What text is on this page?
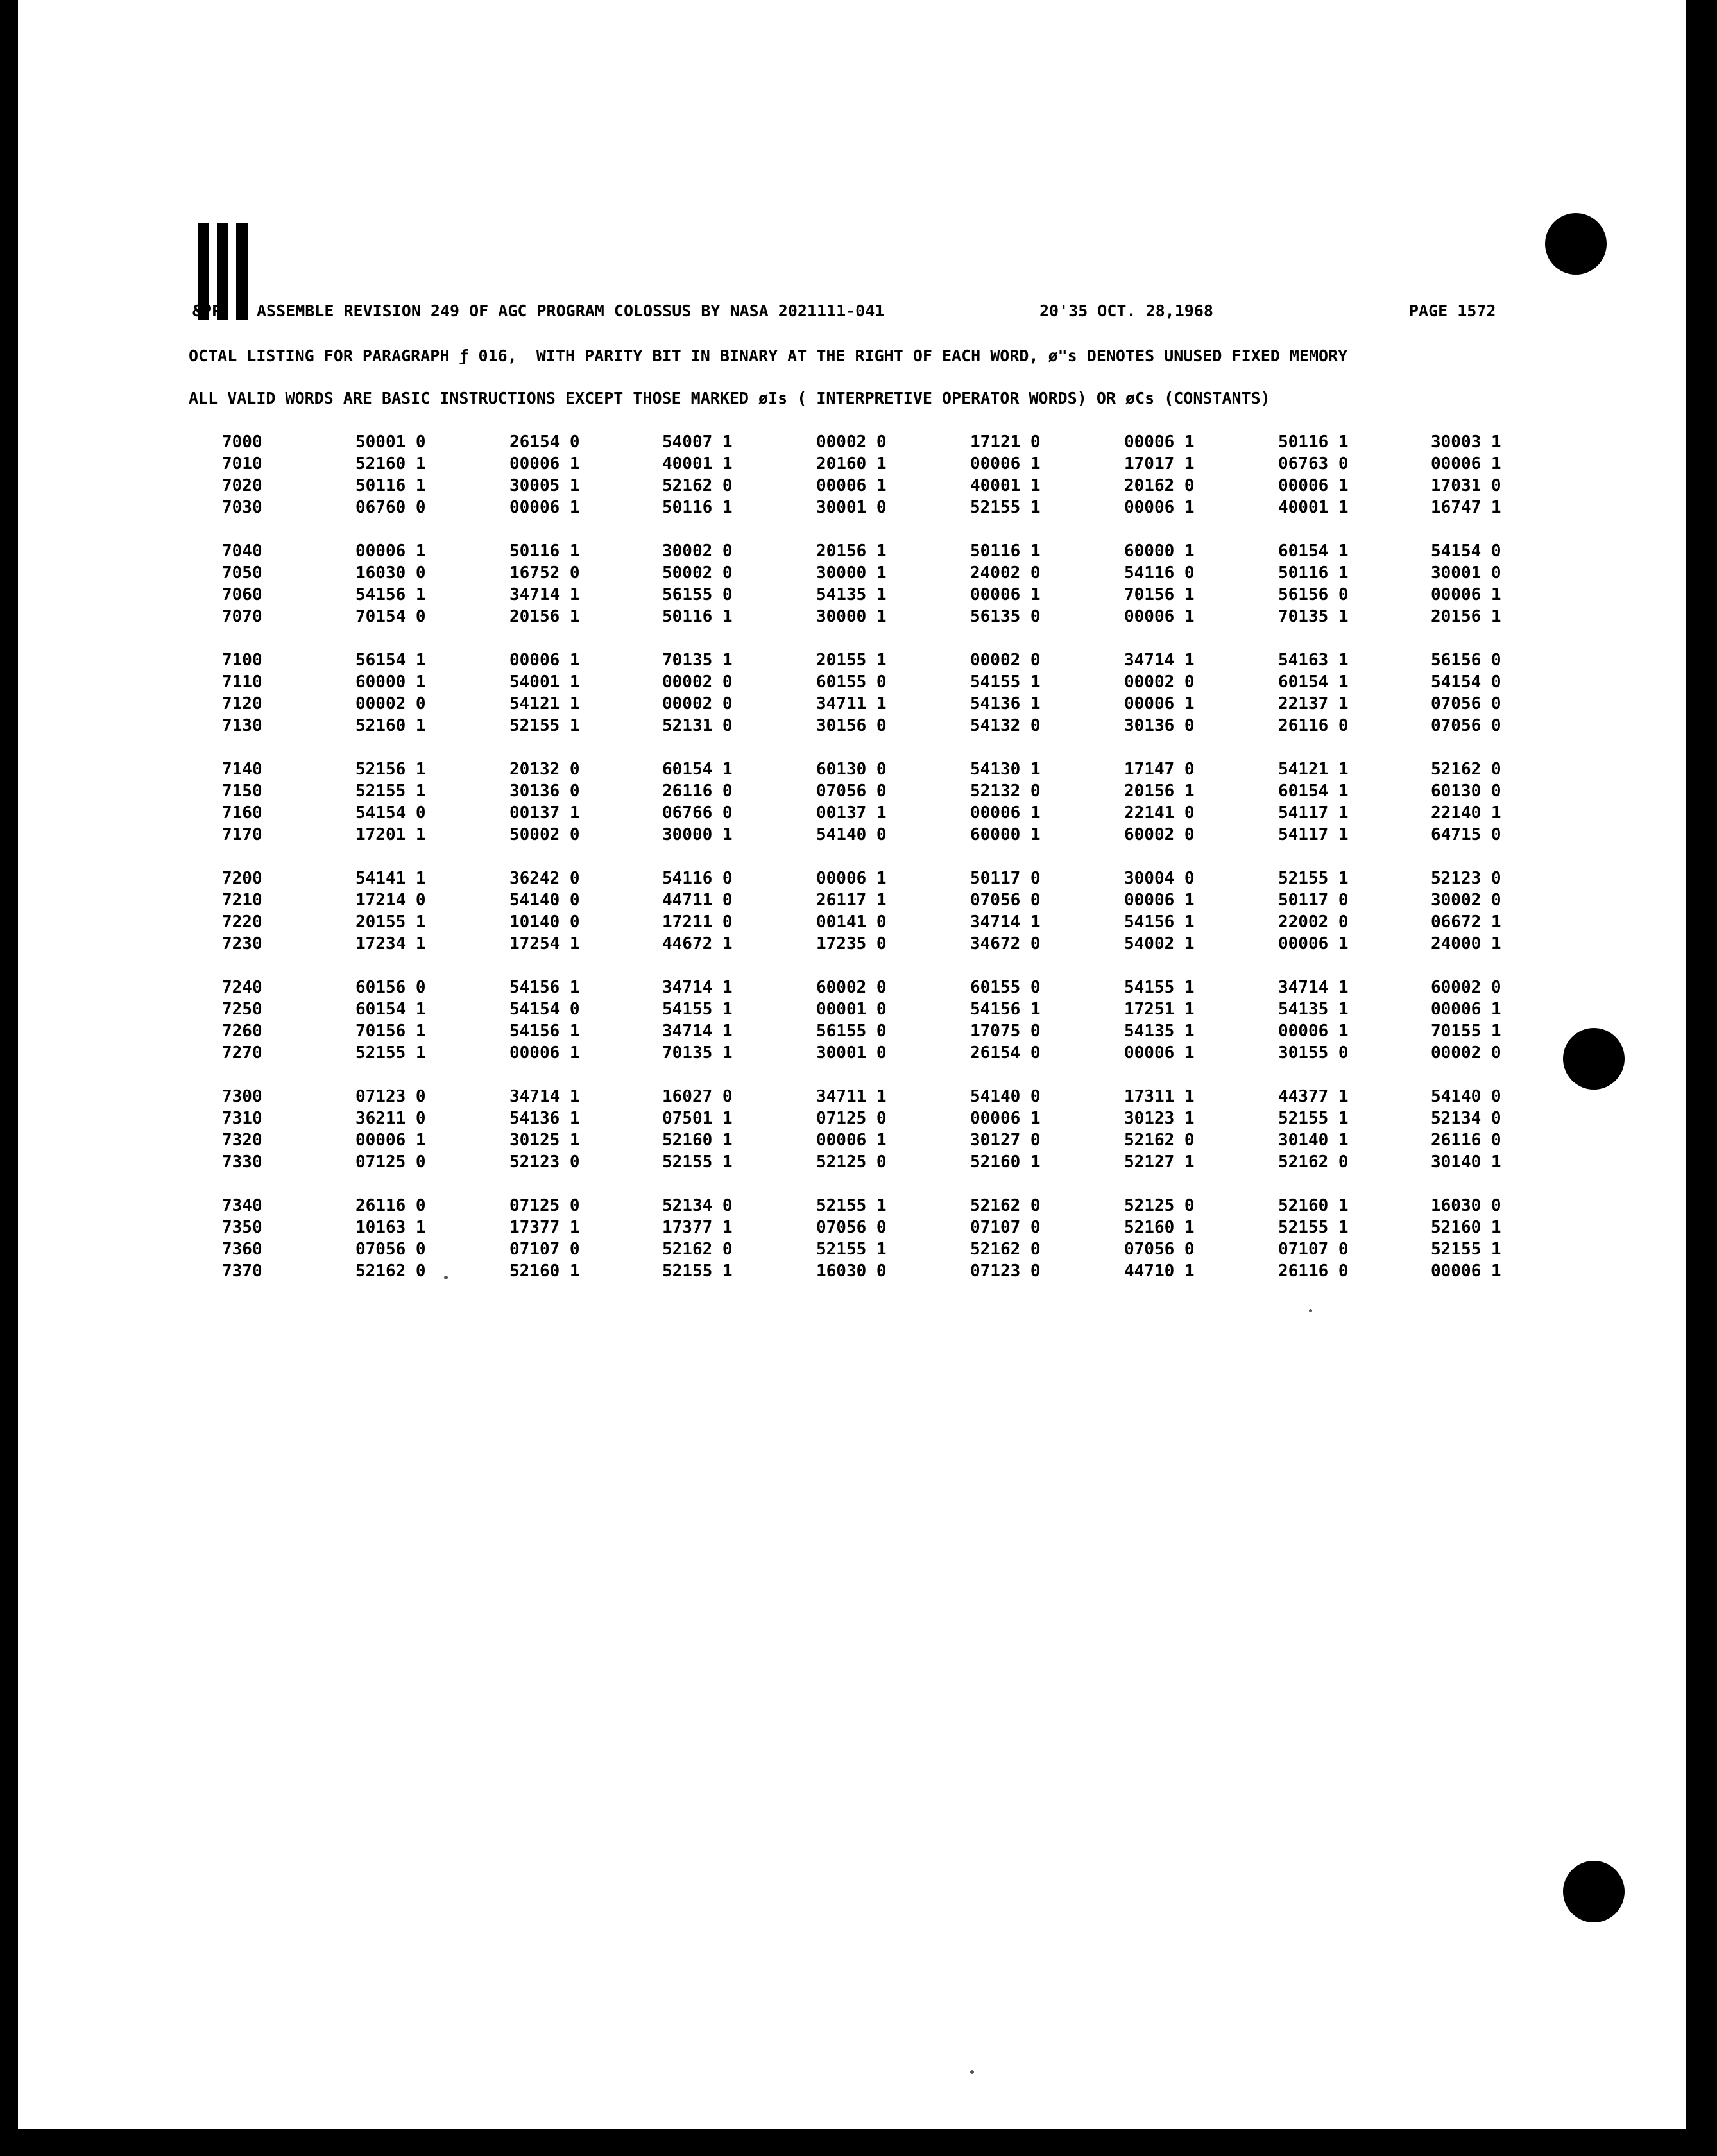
&PP ASSEMBLE REVISION 249 OF AGC PROGRAM COLOSSUS BY NASA 2021111-041	20'35 OCT. 28,1968	PAGE 1572
OCTAL LISTING FOR PARAGRAPH ƒ 016,  WITH PARITY BIT IN BINARY AT THE RIGHT OF EACH WORD, ø"s DENOTES UNUSED FIXED MEMORY
ALL VALID WORDS ARE BASIC INSTRUCTIONS EXCEPT THOSE MARKED øIs ( INTERPRETIVE OPERATOR WORDS) OR øCs (CONSTANTS)
7000	50001 0	26154 0	54007 1	00002 0	17121 0	00006 1	50116 1	30003 1
7010	52160 1	00006 1	40001 1	20160 1	00006 1	17017 1	06763 0	00006 1
7020	50116 1	30005 1	52162 0	00006 1	40001 1	20162 0	00006 1	17031 0
7030	06760 0	00006 1	50116 1	30001 0	52155 1	00006 1	40001 1	16747 1
7040	00006 1	50116 1	30002 0	20156 1	50116 1	60000 1	60154 1	54154 0
7050	16030 0	16752 0	50002 0	30000 1	24002 0	54116 0	50116 1	30001 0
7060	54156 1	34714 1	56155 0	54135 1	00006 1	70156 1	56156 0	00006 1
7070	70154 0	20156 1	50116 1	30000 1	56135 0	00006 1	70135 1	20156 1
7100	56154 1	00006 1	70135 1	20155 1	00002 0	34714 1	54163 1	56156 0
7110	60000 1	54001 1	00002 0	60155 0	54155 1	00002 0	60154 1	54154 0
7120	00002 0	54121 1	00002 0	34711 1	54136 1	00006 1	22137 1	07056 0
7130	52160 1	52155 1	52131 0	30156 0	54132 0	30136 0	26116 0	07056 0
7140	52156 1	20132 0	60154 1	60130 0	54130 1	17147 0	54121 1	52162 0
7150	52155 1	30136 0	26116 0	07056 0	52132 0	20156 1	60154 1	60130 0
7160	54154 0	00137 1	06766 0	00137 1	00006 1	22141 0	54117 1	22140 1
7170	17201 1	50002 0	30000 1	54140 0	60000 1	60002 0	54117 1	64715 0
7200	54141 1	36242 0	54116 0	00006 1	50117 0	30004 0	52155 1	52123 0
7210	17214 0	54140 0	44711 0	26117 1	07056 0	00006 1	50117 0	30002 0
7220	20155 1	10140 0	17211 0	00141 0	34714 1	54156 1	22002 0	06672 1
7230	17234 1	17254 1	44672 1	17235 0	34672 0	54002 1	00006 1	24000 1
7240	60156 0	54156 1	34714 1	60002 0	60155 0	54155 1	34714 1	60002 0
7250	60154 1	54154 0	54155 1	00001 0	54156 1	17251 1	54135 1	00006 1
7260	70156 1	54156 1	34714 1	56155 0	17075 0	54135 1	00006 1	70155 1
7270	52155 1	00006 1	70135 1	30001 0	26154 0	00006 1	30155 0	00002 0
7300	07123 0	34714 1	16027 0	34711 1	54140 0	17311 1	44377 1	54140 0
7310	36211 0	54136 1	07501 1	07125 0	00006 1	30123 1	52155 1	52134 0
7320	00006 1	30125 1	52160 1	00006 1	30127 0	52162 0	30140 1	26116 0
7330	07125 0	52123 0	52155 1	52125 0	52160 1	52127 1	52162 0	30140 1
7340	26116 0	07125 0	52134 0	52155 1	52162 0	52125 0	52160 1	16030 0
7350	10163 1	17377 1	17377 1	07056 0	07107 0	52160 1	52155 1	52160 1
7360	07056 0	07107 0	52162 0	52155 1	52162 0	07056 0	07107 0	52155 1
7370	52162 0	52160 1	52155 1	16030 0	07123 0	44710 1	26116 0	00006 1
